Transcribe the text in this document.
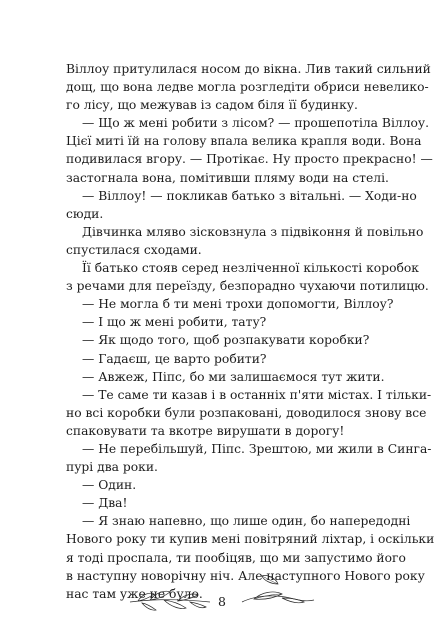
Віллоу притулилася носом до вікна. Лив такий сильний
дощ, що вона ледве могла розгледіти обриси невелико-
го лісу, що межував із садом біля її будинку.
— Що ж мені робити з лісом? — прошепотіла Віллоу.
Цієї миті їй на голову впала велика крапля води. Вона
подивилася вгору. — Протікає. Ну просто прекрасно! —
застогнала вона, помітивши пляму води на стелі.
— Віллоу! — покликав батько з вітальні. — Ходи-но
сюди.
Дівчинка мляво зісковзнула з підвіконня й повільно
спустилася сходами.
Її батько стояв серед незліченної кількості коробок
з речами для переїзду, безпорадно чухаючи потилицю.
— Не могла б ти мені трохи допомогти, Віллоу?
— І що ж мені робити, тату?
— Як щодо того, щоб розпакувати коробки?
— Гадаєш, це варто робити?
— Авжеж, Піпс, бо ми залишаємося тут жити.
— Те саме ти казав і в останніх п'яти містах. І тільки-
но всі коробки були розпаковані, доводилося знову все
спаковувати та вкотре вирушати в дорогу!
— Не перебільшуй, Піпс. Зрештою, ми жили в Синга-
пурі два роки.
— Один.
— Два!
— Я знаю напевно, що лише один, бо напередодні
Нового року ти купив мені повітряний ліхтар, і оскільки
я тоді проспала, ти пообіцяв, що ми запустимо його
в наступну новорічну ніч. Але наступного Нового року
нас там уже не було.
8
